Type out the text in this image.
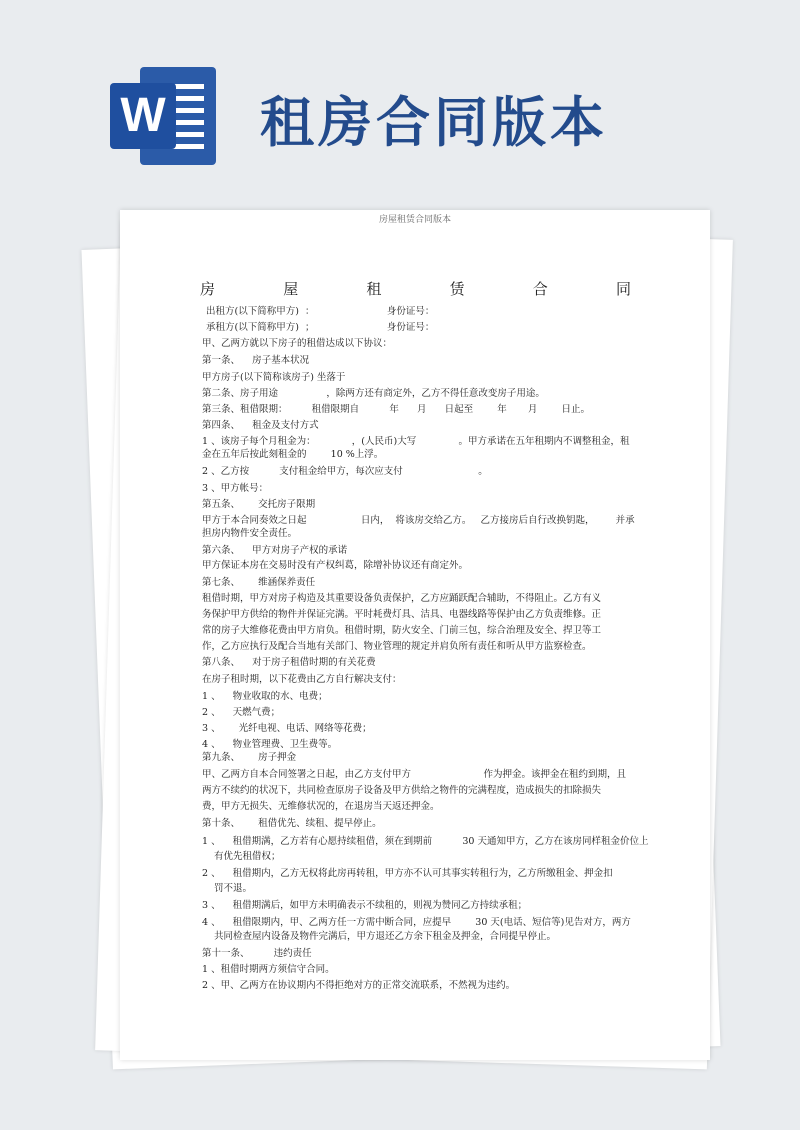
W 租房合同版本
房屋租赁合同版本
房	屋	租	赁	合	同
出租方(以下简称甲方)  ：                        身份证号：
承租方(以下简称甲方)  ；                        身份证号：
甲、乙两方就以下房子的租借达成以下协议：
第一条、    房子基本状况
甲方房子(以下简称该房子) 坐落于
第二条、房子用途                ，除两方还有商定外，乙方不得任意改变房子用途。
第三条、租借限期：        租借限期自          年      月      日起至        年       月        日止。
第四条、    租金及支付方式
1 、该房子每个月租金为：            ，(人民币)大写              。甲方承诺在五年租期内不调整租金，租
金在五年后按此刻租金的        10 %上浮。
2 、乙方按          支付租金给甲方，每次应支付                         。
3 、甲方帐号：
第五条、      交托房子限期
甲方于本合同奏效之日起                  日内，  将该房交给乙方。   乙方接房后自行改换钥匙，       并承
担房内物件安全责任。
第六条、    甲方对房子产权的承诺
甲方保证本房在交易时没有产权纠葛，除增补协议还有商定外。
第七条、      维涵保养责任
租借时期，甲方对房子构造及其重要设备负责保护，乙方应踊跃配合辅助，不得阻止。乙方有义
务保护甲方供给的物件并保证完满。平时耗费灯具、洁具、电器线路等保护由乙方负责维修。正
常的房子大维修花费由甲方肩负。租借时期，防火安全、门前三包，综合治理及安全、捍卫等工
作，乙方应执行及配合当地有关部门、物业管理的规定并肩负所有责任和听从甲方监察检查。
第八条、    对于房子租借时期的有关花费
在房子租时期，以下花费由乙方自行解决支付：
1 、    物业收取的水、电费；
2 、    天燃气费；
3 、      光纤电视、电话、网络等花费；
4 、    物业管理费、卫生费等。
第九条、      房子押金
甲、乙两方自本合同签署之日起，由乙方支付甲方                        作为押金。该押金在租约到期，且
两方不续约的状况下，共同检查原房子设备及甲方供给之物件的完满程度，造成损失的扣除损失
费，甲方无损失、无维修状况的，在退房当天返还押金。
第十条、      租借优先、续租、提早停止。
1 、    租借期满，乙方若有心愿持续租借，须在到期前          30 天通知甲方，乙方在该房同样租金价位上
有优先租借权；
2 、    租借期内，乙方无权将此房再转租，甲方亦不认可其事实转租行为，乙方所缴租金、押金扣
罚不退。
3 、    租借期满后，如甲方未明确表示不续租的，则视为赞同乙方持续承租；
4 、    租借限期内，甲、乙两方任一方需中断合同，应提早        30 天(电话、短信等)见告对方，两方
共同检查屋内设备及物件完满后，甲方退还乙方余下租金及押金，合同提早停止。
第十一条、        违约责任
1 、租借时期两方须信守合同。
2 、甲、乙两方在协议期内不得拒绝对方的正常交流联系，不然视为违约。
